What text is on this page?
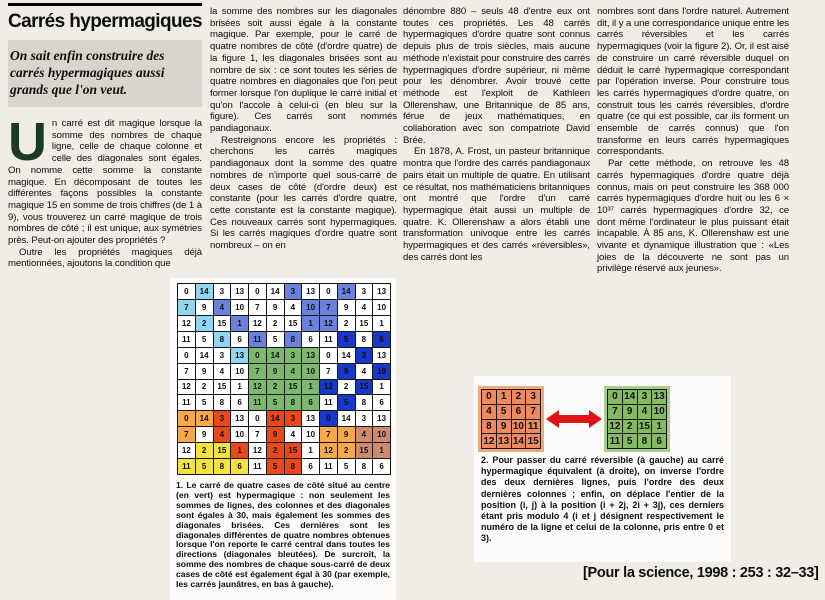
Carrés hypermagiques
On sait enfin construire des carrés hypermagiques aussi grands que l'on veut.

Un carré est dit magique lorsque la somme des nombres de chaque ligne, celle de chaque colonne et celle des diagonales sont égales. On nomme cette somme la constante magique. En décomposant de toutes les différentes façons possibles la constante magique 15 en somme de trois chiffres (de 1 à 9), vous trouverez un carré magique de trois nombres de côté ; il est unique, aux symétries près. Peut-on ajouter des propriétés ?

Outre les propriétés magiques déjà mentionnées, ajoutons la condition que

la somme des nombres sur les diagonales brisées soit aussi égale à la constante magique. Par exemple, pour le carré de quatre nombres de côté (d'ordre quatre) de la figure 1, les diagonales brisées sont au nombre de six : ce sont toutes les séries de quatre nombres en diagonales que l'on peut former lorsque l'on duplique le carré initial et qu'on l'accole à celui-ci (en bleu sur la figure). Ces carrés sont nommés pandiagonaux.

Restreignons encore les propriétés : cherchons les carrés magiques pandiagonaux dont la somme des quatre nombres de n'importe quel sous-carré de deux cases de côté (d'ordre deux) est constante (pour les carrés d'ordre quatre, cette constante est la constante magique). Ces nouveaux carrés sont hypermagiques. Si les carrés magiques d'ordre quatre sont nombreux – on en

dénombre 880 – seuls 48 d'entre eux ont toutes ces propriétés. Les 48 carrés hypermagiques d'ordre quatre sont connus depuis plus de trois siècles, mais aucune méthode n'existait pour construire des carrés hypermagiques d'ordre supérieur, ni même pour les dénombrer. Avoir trouvé cette méthode est l'exploit de Kathleen Ollerenshaw, une Britannique de 85 ans, férue de jeux mathématiques, en collaboration avec son compatriote David Brée.

En 1878, A. Frost, un pasteur britannique montra que l'ordre des carrés pandiagonaux pairs était un multiple de quatre. En utilisant ce résultat, nos mathématiciens britanniques ont montré que l'ordre d'un carré hypermagique était aussi un multiple de quatre. K. Ollerenshaw a alors établi une transformation univoque entre les carrés hypermagiques et des carrés «réversibles», des carrés dont les

nombres sont dans l'ordre naturel. Autrement dit, il y a une correspondance unique entre les carrés réversibles et les carrés hypermagiques (voir la figure 2). Or, il est aisé de construire un carré réversible duquel on déduit le carré hypermagique correspondant par l'opération inverse. Pour construire tous les carrés hypermagiques d'ordre quatre, on construit tous les carrés réversibles, d'ordre quatre (ce qui est possible, car ils forment un ensemble de carrés connus) que l'on transforme en leurs carrés hypermagiques correspondants.

Par cette méthode, on retrouve les 48 carrés hypermagiques d'ordre quatre déjà connus, mais on peut construire les 368 000 carrés hypermagiques d'ordre huit ou les 6 × 10³⁷ carrés hypermagiques d'ordre 32, ce dont même l'ordinateur le plus puissant était incapable. À 85 ans, K. Ollerenshaw est une vivante et dynamique illustration que : «Les joies de la découverte ne sont pas un privilège réservé aux jeunes».

0	14	3	13	0	14	3	13	0	14	3	13
7	9	4	10	7	9	4	10	7	9	4	10
12	2	15	1	12	2	15	1	12	2	15	1
11	5	8	6	11	5	8	6	11	5	8	6
0	14	3	13	0	14	3	13	0	14	3	13
7	9	4	10	7	9	4	10	7	9	4	10
12	2	15	1	12	2	15	1	12	2	15	1
11	5	8	6	11	5	8	6	11	5	8	6
0	14	3	13	0	14	3	13	0	14	3	13
7	9	4	10	7	9	4	10	7	9	4	10
12	2	15	1	12	2	15	1	12	2	15	1
11	5	8	6	11	5	8	6	11	5	8	6
1. Le carré de quatre cases de côté situé au centre (en vert) est hypermagique : non seulement les sommes de lignes, des colonnes et des diagonales sont égales à 30, mais également les sommes des diagonales brisées. Ces dernières sont les diagonales différentes de quatre nombres obtenues lorsque l'on reporte le carré central dans toutes les directions (diagonales bleutées). De surcroît, la somme des nombres de chaque sous-carré de deux cases de côté est également égal à 30 (par exemple, les carrés jaunâtres, en bas à gauche).
0 1 2 3
4 5 6 7
8 9 10 11
12 13 14 15
0 14 3 13
7 9 4 10
12 2 15 1
11 5 8 6
2. Pour passer du carré réversible (à gauche) au carré hypermagique équivalent (à droite), on inverse l'ordre des deux dernières lignes, puis l'ordre des deux dernières colonnes ; enfin, on déplace l'entier de la position (i, j) à la position (i + 2j, 2i + 3j), ces derniers étant pris modulo 4 (i et j désignent respectivement le numéro de la ligne et celui de la colonne, pris entre 0 et 3).
[Pour la science, 1998 : 253 : 32–33]
